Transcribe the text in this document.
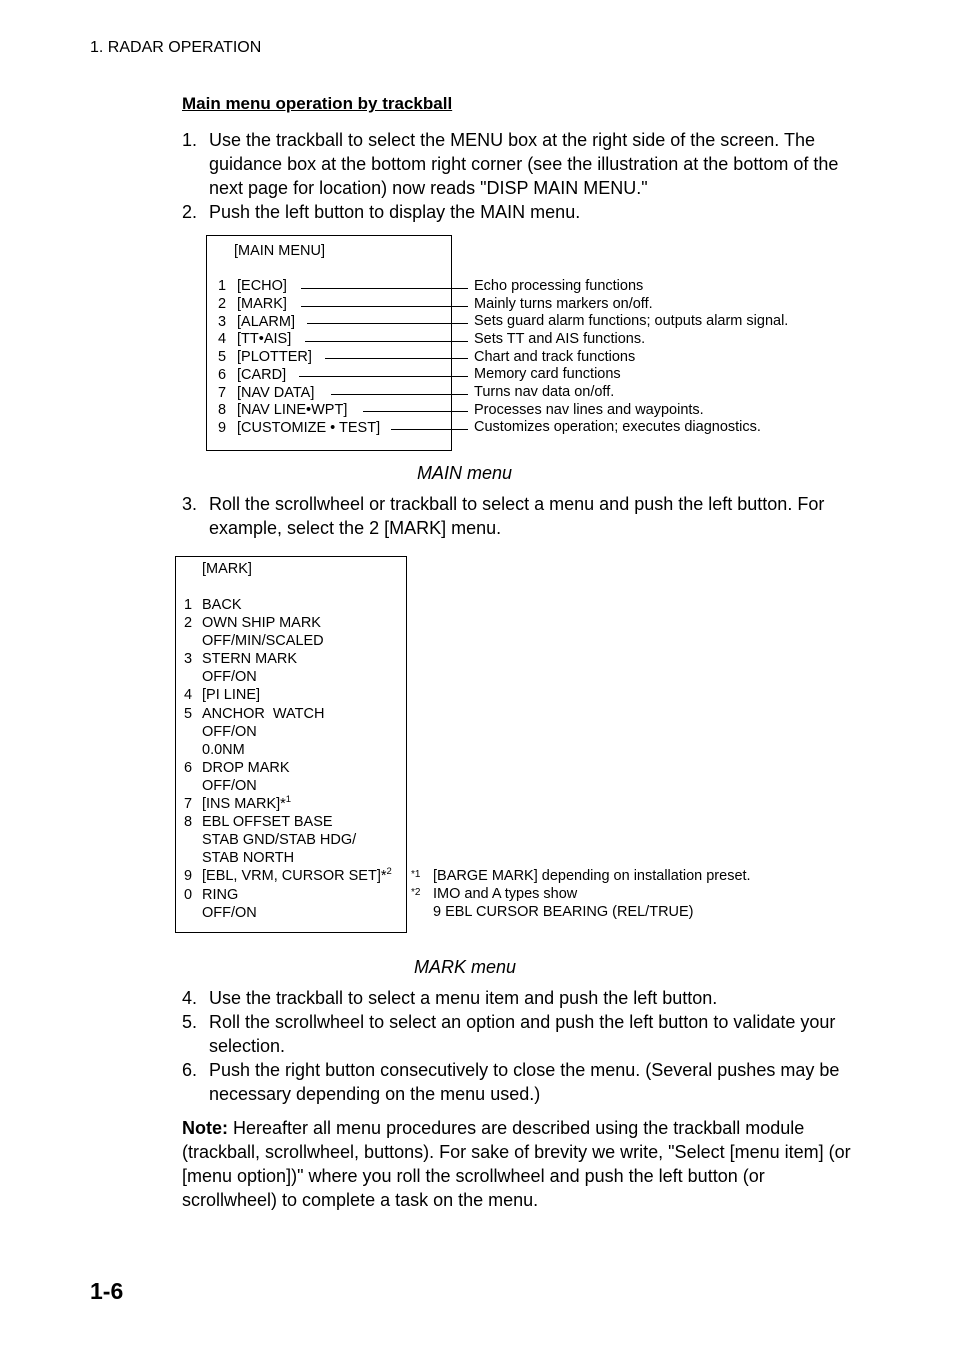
1. RADAR OPERATION
Main menu operation by trackball
1. Use the trackball to select the MENU box at the right side of the screen. The guidance box at the bottom right corner (see the illustration at the bottom of the next page for location) now reads "DISP MAIN MENU."
2. Push the left button to display the MAIN menu.
[MAIN MENU]
1 [ECHO]
2 [MARK]
3 [ALARM]
4 [TT•AIS]
5 [PLOTTER]
6 [CARD]
7 [NAV DATA]
8 [NAV LINE•WPT]
9 [CUSTOMIZE • TEST]
Echo processing functions
Mainly turns markers on/off.
Sets guard alarm functions; outputs alarm signal.
Sets TT and AIS functions.
Chart and track functions
Memory card functions
Turns nav data on/off.
Processes nav lines and waypoints.
Customizes operation; executes diagnostics.
MAIN menu
3. Roll the scrollwheel or trackball to select a menu and push the left button. For example, select the 2 [MARK] menu.
[MARK]
1 BACK
2 OWN SHIP MARK
OFF/MIN/SCALED
3 STERN MARK
OFF/ON
4 [PI LINE]
5 ANCHOR  WATCH
OFF/ON
0.0NM
6 DROP MARK
OFF/ON
7 [INS MARK]*$^1$
8 EBL OFFSET BASE
STAB GND/STAB HDG/
STAB NORTH
9 [EBL, VRM, CURSOR SET]*$^2$
0 RING
OFF/ON
*1 [BARGE MARK] depending on installation preset.
*2 IMO and A types show
9 EBL CURSOR BEARING (REL/TRUE)
MARK menu
4. Use the trackball to select a menu item and push the left button.
5. Roll the scrollwheel to select an option and push the left button to validate your selection.
6. Push the right button consecutively to close the menu. (Several pushes may be necessary depending on the menu used.)
Note: Hereafter all menu procedures are described using the trackball module (trackball, scrollwheel, buttons). For sake of brevity we write, "Select [menu item] (or [menu option])" where you roll the scrollwheel and push the left button (or scrollwheel) to complete a task on the menu.
1-6
